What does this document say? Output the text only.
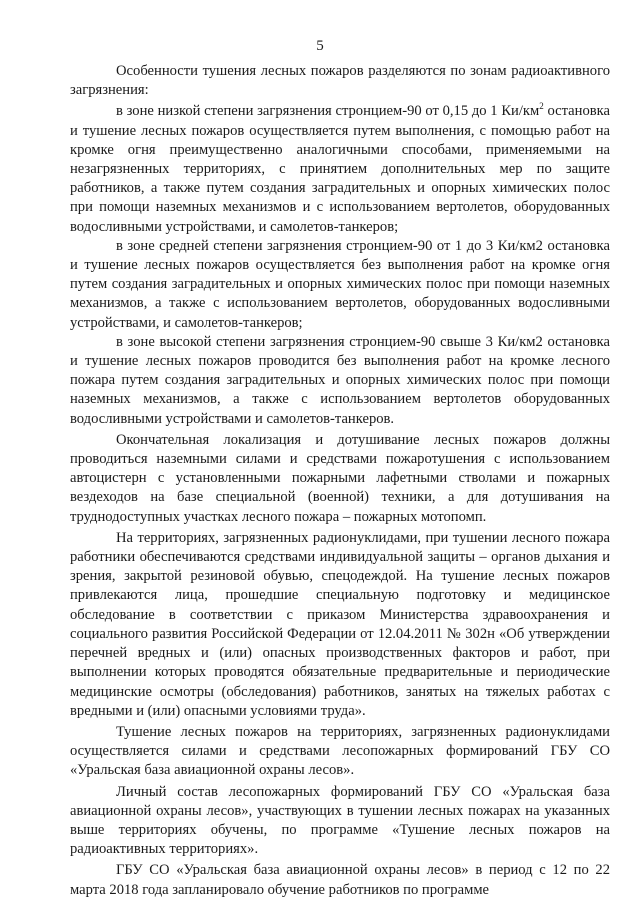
5

Особенности тушения лесных пожаров разделяются по зонам радиоактивного загрязнения:

в зоне низкой степени загрязнения стронцием-90 от 0,15 до 1 $Ки/км^2$ остановка и тушение лесных пожаров осуществляется путем выполнения, с помощью работ на кромке огня преимущественно аналогичными способами, применяемыми на незагрязненных территориях, с принятием дополнительных мер по защите работников, а также путем создания заградительных и опорных химических полос при помощи наземных механизмов и с использованием вертолетов, оборудованных водосливными устройствами, и самолетов-танкеров;

в зоне средней степени загрязнения стронцием-90 от 1 до 3 Ки/км2 остановка и тушение лесных пожаров осуществляется без выполнения работ на кромке огня путем создания заградительных и опорных химических полос при помощи наземных механизмов, а также с использованием вертолетов, оборудованных водосливными устройствами, и самолетов-танкеров;

в зоне высокой степени загрязнения стронцием-90 свыше 3 Ки/км2 остановка и тушение лесных пожаров проводится без выполнения работ на кромке лесного пожара путем создания заградительных и опорных химических полос при помощи наземных механизмов, а также с использованием вертолетов оборудованных водосливными устройствами и самолетов-танкеров.

Окончательная локализация и дотушивание лесных пожаров должны проводиться наземными силами и средствами пожаротушения с использованием автоцистерн с установленными пожарными лафетными стволами и пожарных вездеходов на базе специальной (военной) техники, а для дотушивания на труднодоступных участках лесного пожара – пожарных мотопомп.

На территориях, загрязненных радионуклидами, при тушении лесного пожара работники обеспечиваются средствами индивидуальной защиты – органов дыхания и зрения, закрытой резиновой обувью, спецодеждой. На тушение лесных пожаров привлекаются лица, прошедшие специальную подготовку и медицинское обследование в соответствии с приказом Министерства здравоохранения и социального развития Российской Федерации от 12.04.2011 № 302н «Об утверждении перечней вредных и (или) опасных производственных факторов и работ, при выполнении которых проводятся обязательные предварительные и периодические медицинские осмотры (обследования) работников, занятых на тяжелых работах с вредными и (или) опасными условиями труда».

Тушение лесных пожаров на территориях, загрязненных радионуклидами осуществляется силами и средствами лесопожарных формирований ГБУ СО «Уральская база авиационной охраны лесов».

Личный состав лесопожарных формирований ГБУ СО «Уральская база авиационной охраны лесов», участвующих в тушении лесных пожарах на указанных выше территориях обучены, по программе «Тушение лесных пожаров на радиоактивных территориях».

ГБУ СО «Уральская база авиационной охраны лесов» в период с 12 по 22 марта 2018 года запланировало обучение работников по программе
